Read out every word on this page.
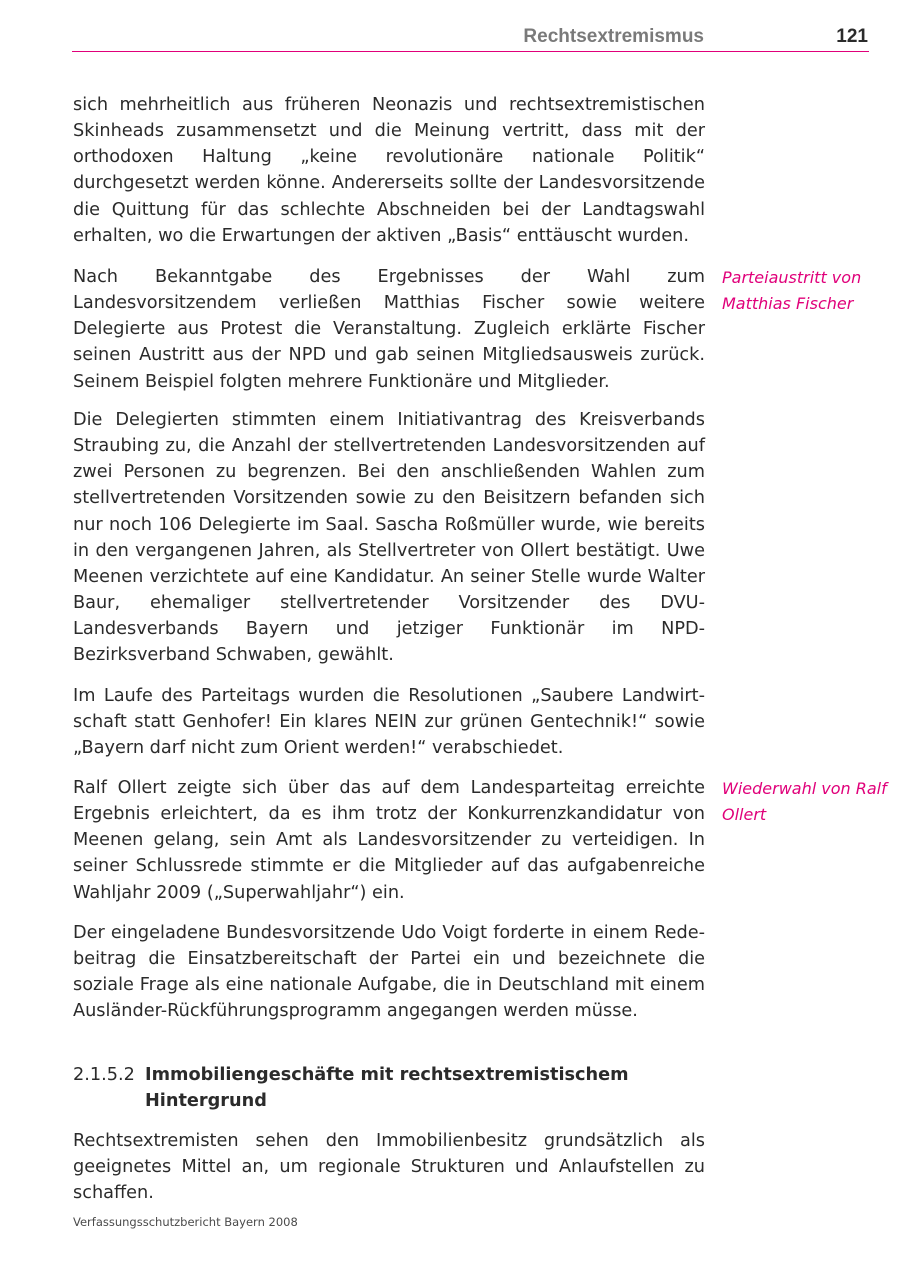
Rechtsextremismus	121

sich mehrheitlich aus früheren Neonazis und rechtsextremistischen Skinheads zusammensetzt und die Meinung vertritt, dass mit der orthodoxen Haltung „keine revolutionäre nationale Politik“ durchgesetzt werden könne. Andererseits sollte der Landesvorsitzende die Quittung für das schlechte Abschneiden bei der Landtagswahl erhalten, wo die Erwartungen der aktiven „Basis“ enttäuscht wurden.

Nach Bekanntgabe des Ergebnisses der Wahl zum Landesvorsitzendem verließen Matthias Fischer sowie weitere Delegierte aus Protest die Veranstaltung. Zugleich erklärte Fischer seinen Austritt aus der NPD und gab seinen Mitgliedsausweis zurück. Seinem Beispiel folgten mehrere Funktionäre und Mitglieder.

Die Delegierten stimmten einem Initiativantrag des Kreisverbands Straubing zu, die Anzahl der stellvertretenden Landesvorsitzenden auf zwei Personen zu begrenzen. Bei den anschließenden Wahlen zum stellvertretenden Vorsitzenden sowie zu den Beisitzern befanden sich nur noch 106 Delegierte im Saal. Sascha Roßmüller wurde, wie bereits in den vergangenen Jahren, als Stellvertreter von Ollert bestätigt. Uwe Meenen verzichtete auf eine Kandidatur. An seiner Stelle wurde Walter Baur, ehemaliger stellvertretender Vorsitzender des DVU-Landesverbands Bayern und jetziger Funktionär im NPD-Bezirksverband Schwaben, gewählt.

Im Laufe des Parteitags wurden die Resolutionen „Saubere Landwirtschaft statt Genhofer! Ein klares NEIN zur grünen Gentechnik!“ sowie „Bayern darf nicht zum Orient werden!“ verabschiedet.

Ralf Ollert zeigte sich über das auf dem Landesparteitag erreichte Ergebnis erleichtert, da es ihm trotz der Konkurrenzkandidatur von Meenen gelang, sein Amt als Landesvorsitzender zu verteidigen. In seiner Schlussrede stimmte er die Mitglieder auf das aufgabenreiche Wahljahr 2009 („Superwahljahr“) ein.

Der eingeladene Bundesvorsitzende Udo Voigt forderte in einem Redebeitrag die Einsatzbereitschaft der Partei ein und bezeichnete die soziale Frage als eine nationale Aufgabe, die in Deutschland mit einem Ausländer-Rückführungsprogramm angegangen werden müsse.

Parteiaustritt von Matthias Fischer
Wiederwahl von Ralf Ollert
2.1.5.2 Immobiliengeschäfte mit rechtsextremistischem Hintergrund

Rechtsextremisten sehen den Immobilienbesitz grundsätzlich als geeignetes Mittel an, um regionale Strukturen und Anlaufstellen zu schaffen.

Verfassungsschutzbericht Bayern 2008
